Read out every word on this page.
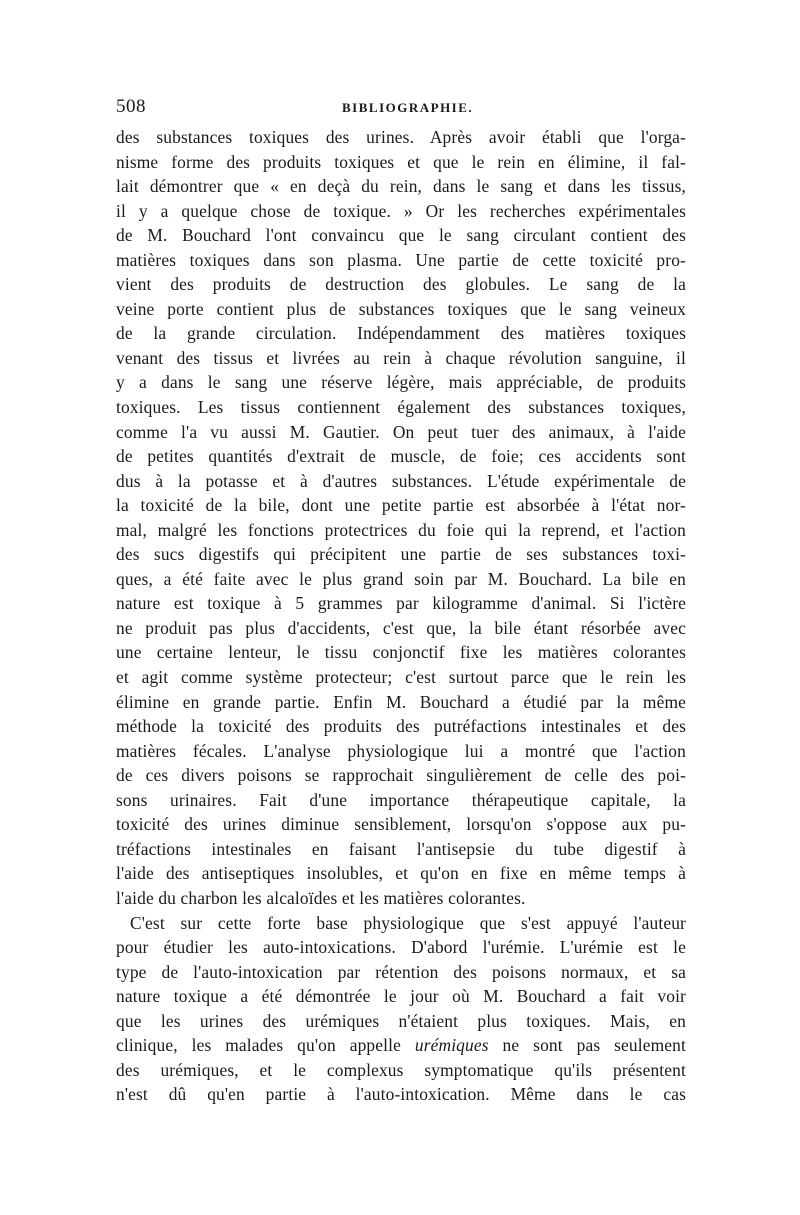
508	BIBLIOGRAPHIE.
des substances toxiques des urines. Après avoir établi que l'orga-
nisme forme des produits toxiques et que le rein en élimine, il fal-
lait démontrer que « en deçà du rein, dans le sang et dans les tissus,
il y a quelque chose de toxique. » Or les recherches expérimentales
de M. Bouchard l'ont convaincu que le sang circulant contient des
matières toxiques dans son plasma. Une partie de cette toxicité pro-
vient des produits de destruction des globules. Le sang de la
veine porte contient plus de substances toxiques que le sang veineux
de la grande circulation. Indépendamment des matières toxiques
venant des tissus et livrées au rein à chaque révolution sanguine, il
y a dans le sang une réserve légère, mais appréciable, de produits
toxiques. Les tissus contiennent également des substances toxiques,
comme l'a vu aussi M. Gautier. On peut tuer des animaux, à l'aide
de petites quantités d'extrait de muscle, de foie; ces accidents sont
dus à la potasse et à d'autres substances. L'étude expérimentale de
la toxicité de la bile, dont une petite partie est absorbée à l'état nor-
mal, malgré les fonctions protectrices du foie qui la reprend, et l'action
des sucs digestifs qui précipitent une partie de ses substances toxi-
ques, a été faite avec le plus grand soin par M. Bouchard. La bile en
nature est toxique à 5 grammes par kilogramme d'animal. Si l'ictère
ne produit pas plus d'accidents, c'est que, la bile étant résorbée avec
une certaine lenteur, le tissu conjonctif fixe les matières colorantes
et agit comme système protecteur; c'est surtout parce que le rein les
élimine en grande partie. Enfin M. Bouchard a étudié par la même
méthode la toxicité des produits des putréfactions intestinales et des
matières fécales. L'analyse physiologique lui a montré que l'action
de ces divers poisons se rapprochait singulièrement de celle des poi-
sons urinaires. Fait d'une importance thérapeutique capitale, la
toxicité des urines diminue sensiblement, lorsqu'on s'oppose aux pu-
tréfactions intestinales en faisant l'antisepsie du tube digestif à
l'aide des antiseptiques insolubles, et qu'on en fixe en même temps à
l'aide du charbon les alcaloïdes et les matières colorantes.
C'est sur cette forte base physiologique que s'est appuyé l'auteur
pour étudier les auto-intoxications. D'abord l'urémie. L'urémie est le
type de l'auto-intoxication par rétention des poisons normaux, et sa
nature toxique a été démontrée le jour où M. Bouchard a fait voir
que les urines des urémiques n'étaient plus toxiques. Mais, en
clinique, les malades qu'on appelle urémiques ne sont pas seulement
des urémiques, et le complexus symptomatique qu'ils présentent
n'est dû qu'en partie à l'auto-intoxication. Même dans le cas
